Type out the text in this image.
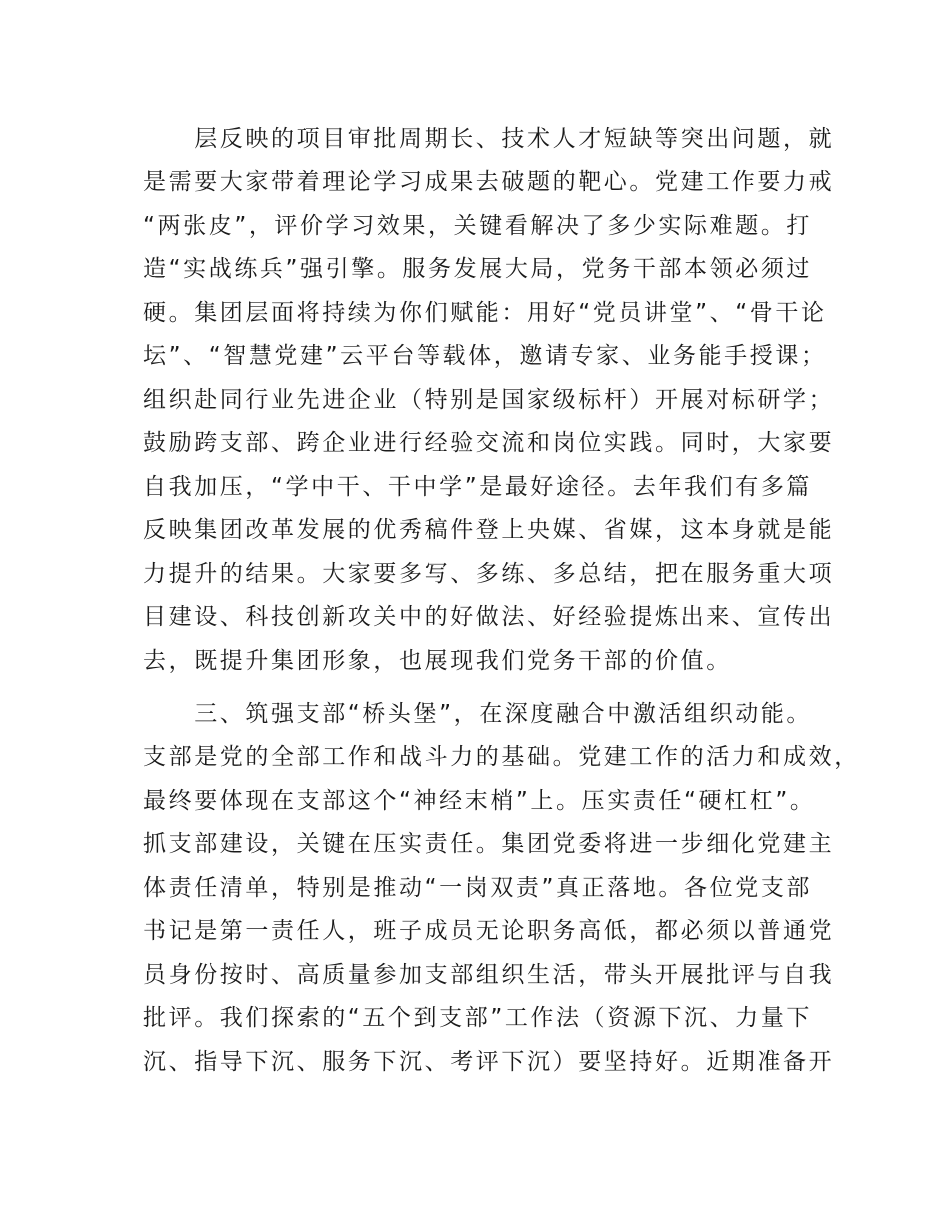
　　层反映的项目审批周期长、技术人才短缺等突出问题，就
是需要大家带着理论学习成果去破题的靶心。党建工作要力戒
“两张皮”，评价学习效果，关键看解决了多少实际难题。打
造“实战练兵”强引擎。服务发展大局，党务干部本领必须过
硬。集团层面将持续为你们赋能：用好“党员讲堂”、“骨干论
坛”、“智慧党建”云平台等载体，邀请专家、业务能手授课；
组织赴同行业先进企业（特别是国家级标杆）开展对标研学；
鼓励跨支部、跨企业进行经验交流和岗位实践。同时，大家要
自我加压，“学中干、干中学”是最好途径。去年我们有多篇
反映集团改革发展的优秀稿件登上央媒、省媒，这本身就是能
力提升的结果。大家要多写、多练、多总结，把在服务重大项
目建设、科技创新攻关中的好做法、好经验提炼出来、宣传出
去，既提升集团形象，也展现我们党务干部的价值。
　　三、筑强支部“桥头堡”，在深度融合中激活组织动能。
支部是党的全部工作和战斗力的基础。党建工作的活力和成效，
最终要体现在支部这个“神经末梢”上。压实责任“硬杠杠”。
抓支部建设，关键在压实责任。集团党委将进一步细化党建主
体责任清单，特别是推动“一岗双责”真正落地。各位党支部
书记是第一责任人，班子成员无论职务高低，都必须以普通党
员身份按时、高质量参加支部组织生活，带头开展批评与自我
批评。我们探索的“五个到支部”工作法（资源下沉、力量下
沉、指导下沉、服务下沉、考评下沉）要坚持好。近期准备开
